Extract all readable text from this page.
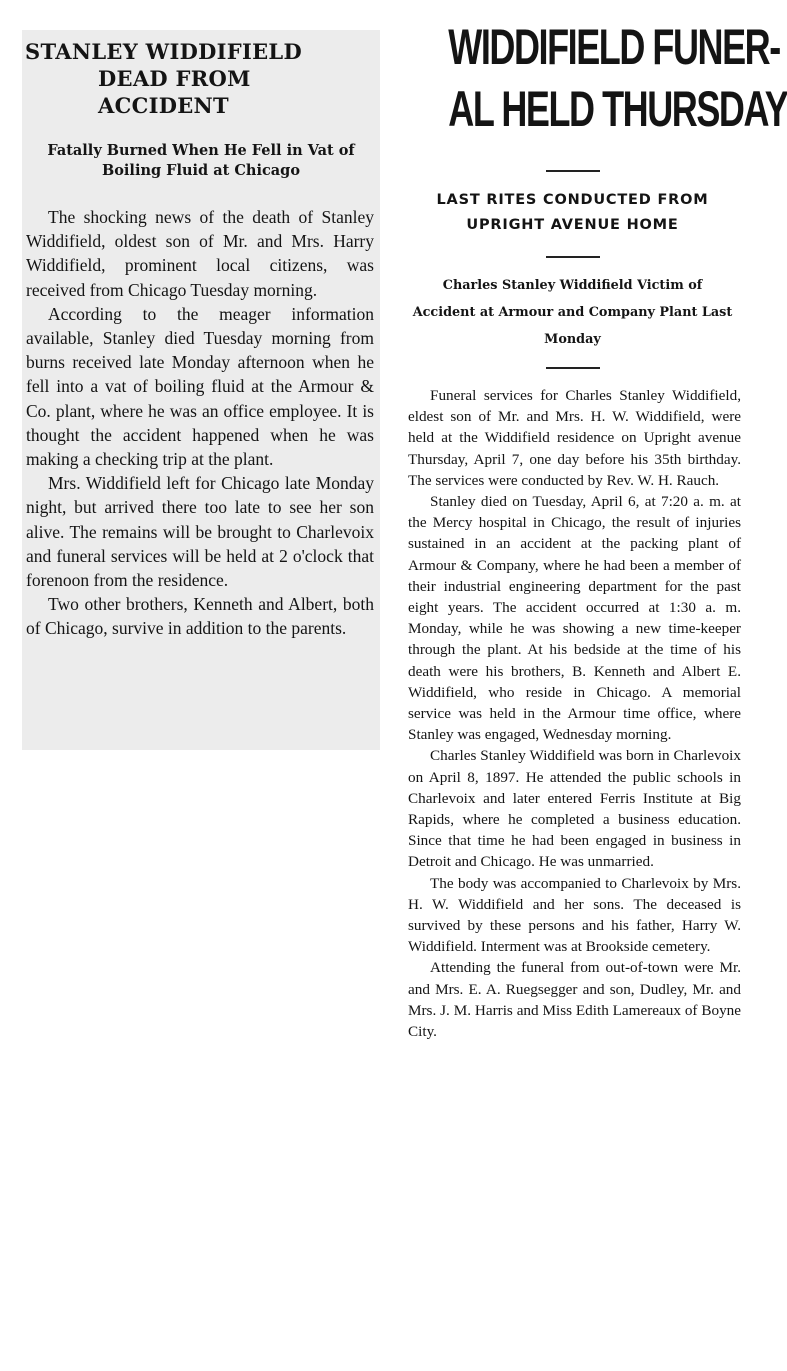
STANLEY WIDDIFIELD
DEAD FROM ACCIDENT
Fatally Burned When He Fell in Vat of Boiling Fluid at Chicago

The shocking news of the death of Stanley Widdifield, oldest son of Mr. and Mrs. Harry Widdifield, prominent local citizens, was received from Chicago Tuesday morning.

According to the meager information available, Stanley died Tuesday morning from burns received late Monday afternoon when he fell into a vat of boiling fluid at the Armour & Co. plant, where he was an office employee. It is thought the accident happened when he was making a checking trip at the plant.

Mrs. Widdifield left for Chicago late Monday night, but arrived there too late to see her son alive. The remains will be brought to Charlevoix and funeral services will be held at 2 o'clock that forenoon from the residence.

Two other brothers, Kenneth and Albert, both of Chicago, survive in addition to the parents.

WIDDIFIELD FUNER-
AL HELD THURSDAY
LAST RITES CONDUCTED FROM UPRIGHT AVENUE HOME
Charles Stanley Widdifield Victim of Accident at Armour and Company Plant Last Monday

Funeral services for Charles Stanley Widdifield, eldest son of Mr. and Mrs. H. W. Widdifield, were held at the Widdifield residence on Upright avenue Thursday, April 7, one day before his 35th birthday. The services were conducted by Rev. W. H. Rauch.

Stanley died on Tuesday, April 6, at 7:20 a. m. at the Mercy hospital in Chicago, the result of injuries sustained in an accident at the packing plant of Armour & Company, where he had been a member of their industrial engineering department for the past eight years. The accident occurred at 1:30 a. m. Monday, while he was showing a new time-keeper through the plant. At his bedside at the time of his death were his brothers, B. Kenneth and Albert E. Widdifield, who reside in Chicago. A memorial service was held in the Armour time office, where Stanley was engaged, Wednesday morning.

Charles Stanley Widdifield was born in Charlevoix on April 8, 1897. He attended the public schools in Charlevoix and later entered Ferris Institute at Big Rapids, where he completed a business education. Since that time he had been engaged in business in Detroit and Chicago. He was unmarried.

The body was accompanied to Charlevoix by Mrs. H. W. Widdifield and her sons. The deceased is survived by these persons and his father, Harry W. Widdifield. Interment was at Brookside cemetery.

Attending the funeral from out-of-town were Mr. and Mrs. E. A. Ruegsegger and son, Dudley, Mr. and Mrs. J. M. Harris and Miss Edith Lamereaux of Boyne City.
